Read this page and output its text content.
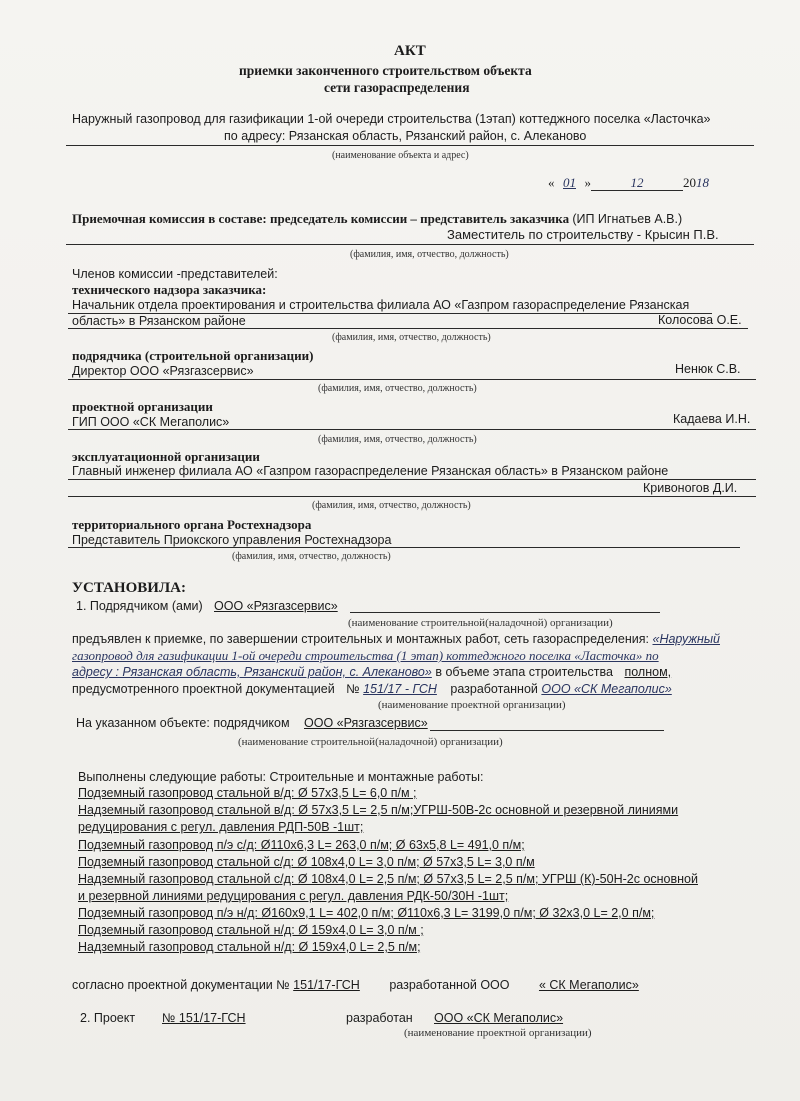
АКТ
приемки законченного строительством объекта
сети газораспределения
Наружный газопровод для газификации 1-ой очереди строительства (1этап) коттеджного поселка «Ласточка»
по адресу: Рязанская область, Рязанский район, с. Алеканово
(наименование объекта и адрес)
« 01 »	12	2018
Приемочная комиссия в составе: председатель комиссии – представитель заказчика (ИП Игнатьев А.В.)
Заместитель по строительству - Крысин П.В.
(фамилия, имя, отчество, должность)
Членов комиссии -представителей:
технического надзора заказчика:
Начальник отдела проектирования и строительства филиала АО «Газпром газораспределение Рязанская
область» в Рязанском районе	Колосова О.Е.
(фамилия, имя, отчество, должность)
подрядчика (строительной организации)
Директор ООО «Рязгазсервис»	Ненюк С.В.
(фамилия, имя, отчество, должность)
проектной организации
ГИП ООО «СК Мегаполис»	Кадаева И.Н.
(фамилия, имя, отчество, должность)
эксплуатационной организации
Главный инженер филиала АО «Газпром газораспределение Рязанская область» в Рязанском районе
Кривоногов Д.И.
(фамилия, имя, отчество, должность)
территориального органа Ростехнадзора
Представитель Приокского управления Ростехнадзора
(фамилия, имя, отчество, должность)
УСТАНОВИЛА:
1. Подрядчиком (ами) ООО «Рязгазсервис»
(наименование строительной(наладочной) организации)
предъявлен к приемке, по завершении строительных и монтажных работ, сеть газораспределения: «Наружный
газопровод для газификации 1-ой очереди строительства (1 этап) коттеджного поселка «Ласточка» по
адресу : Рязанская область, Рязанский район, с. Алеканово» в объеме этапа строительства полном,
предусмотренного проектной документацией № 151/17 - ГСН разработанной ООО «СК Мегаполис»
(наименование проектной организации)
На указанном объекте: подрядчиком ООО «Рязгазсервис»
(наименование строительной(наладочной) организации)
Выполнены следующие работы: Строительные и монтажные работы:
Подземный газопровод стальной в/д: Ø 57х3,5 L= 6,0 п/м ;
Надземный газопровод стальной в/д: Ø 57х3,5 L= 2,5 п/м;УГРШ-50В-2с основной и резервной линиями
редуцирования с регул. давления РДП-50В -1шт;
Подземный газопровод п/э с/д: Ø110х6,3 L= 263,0 п/м; Ø 63х5,8 L= 491,0 п/м;
Подземный газопровод стальной с/д: Ø 108х4,0 L= 3,0 п/м; Ø 57х3,5 L= 3,0 п/м
Надземный газопровод стальной с/д: Ø 108х4,0 L= 2,5 п/м; Ø 57х3,5 L= 2,5 п/м; УГРШ (К)-50Н-2с основной
и резервной линиями редуцирования с регул. давления РДК-50/30Н -1шт;
Подземный газопровод п/э н/д: Ø160х9,1 L= 402,0 п/м; Ø110х6,3 L= 3199,0 п/м; Ø 32х3,0 L= 2,0 п/м;
Подземный газопровод стальной н/д: Ø 159х4,0 L= 3,0 п/м ;
Надземный газопровод стальной н/д: Ø 159х4,0 L= 2,5 п/м;
согласно проектной документации № 151/17-ГСН разработанной ООО « СК Мегаполис»
2. Проект	№ 151/17-ГСН	разработан	ООО «СК Мегаполис»
(наименование проектной организации)
